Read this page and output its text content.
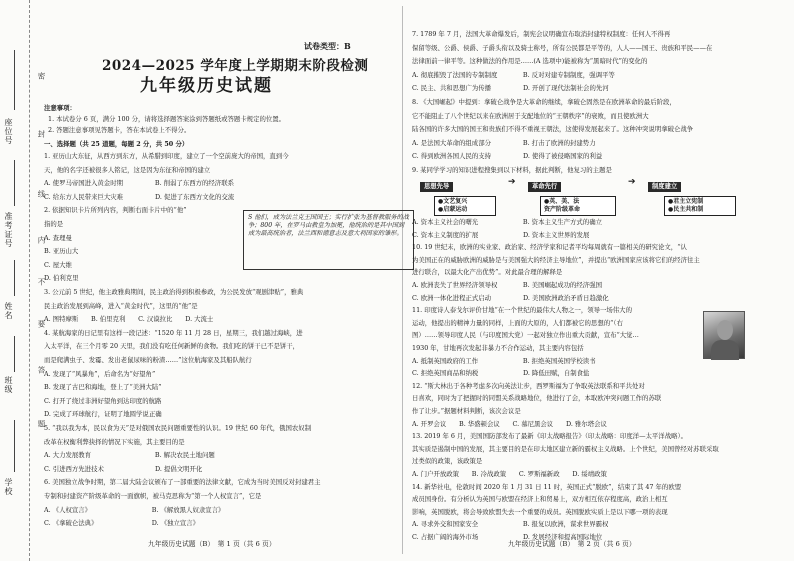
座位号
准考证号
姓名
班级
学校
密
封
线
内
不
要
答
题
试卷类型：B
2024—2025 学年度上学期期末阶段检测
九年级历史试题
注意事项：
1. 本试卷分 6 页，满分 100 分，请将选择题答案涂到答题纸或答题卡规定的位置。
2. 答题注意事项见答题卡，答在本试卷上不得分。
一、选择题（共 25 道题，每题 2 分，共 50 分）
1. 亚历山大东征，从西方到东方，从希腊到印度，建立了一个空前庞大的帝国，直到今
天，他的名字还被很多人铭记，这是因为东征和帝国的建立
A. 使罗马帝国进入黄金时期　　　　　B. 削弱了东西方的经济联系
C. 给东方人民带来巨大灾难　　　　　D. 促进了东西方文化的交流
2. 依据知识卡片所列内容，判断右面卡片中的“他”
指的是
A. 查理曼
B. 亚历山大
C. 屋大维
D. 伯利克里
3. 公元前 5 世纪，他主政雅典期间，民主政治得到积极参政，为公民发放“观剧津贴”，雅典
民主政治发展到高峰，进入“黄金时代”，这里的“他”是
A. 图特摩斯　　B. 伯里克利　　C. 汉谟拉比　　D. 大流士
4. 某航海家的日记里有这样一段记述：“1520 年 11 月 28 日，星期三，我们越过海峡，进
入太平洋，在三个月零 20 天里，我们没有吃任何新鲜的食物。我们吃的饼干已不是饼干，
而是爬满虫子、发霉、发出老鼠尿味的粉渣……”这位航海家及其船队航行
A. 发现了“风暴角”，后命名为“好望角”
B. 发现了古巴和海地，登上了“美洲大陆”
C. 打开了绕过非洲好望角到达印度的航路
D. 完成了环球航行，证明了地圆学说正确
5. “我以我为本，民以食为天”是对俄国农民问题重要性的认识。19 世纪 60 年代，俄国农奴制
改革在权衡利弊抉择的情况下实施，其主要目的是
A. 大力发展教育　　　　　　　　　　B. 解决农民土地问题
C. 引进西方先进技术　　　　　　　　D. 提倡文明开化
6. 美国独立战争时期，第二届大陆会议颁布了一部重要的法律文献，它成为当时美国反对封建君主
专制和封建资产阶级革命的一面旗帜，被马克思称为“第一个人权宣言”，它是
A. 《人权宣言》　　　　　　　　　　B. 《解放黑人奴隶宣言》
C. 《拿破仑法典》　　　　　　　　　D. 《独立宣言》
S 他们，成为法兰克王国国王；实行扩张为基督教服务的战争；800 年，在罗马由教皇为加冕，他统治的是其中国到成为最高统治者，法兰西和德意志及意大利国家的雏形。
九年级历史试题（B）　第 1 页（共 6 页）
7. 1789 年 7 月，法国大革命爆发后，制宪会议明确宣布取消封建特权制度：任何人不得再
保留等级、公爵、侯爵、子爵头衔以及骑士称号，所有公民都是平等的，人人——国王、贵族和平民——在
法律面前一律平等。这种做法的作用是……(A 选项中)能被称为“黑暗时代”的变化的
A. 彻底摧毁了法国的专制制度　　　　B. 反对对建专制制度，强调平等
C. 民主、共和思想广为传播　　　　　D. 开创了现代法制社会的先河
8. 《大国崛起》中提到：拿破仑战争是大革命的继续，拿破仑固然是在欧洲革命的最后阶段，
它不能阻止了八个世纪以来在欧洲居于支配地位的“王朝秩序”的衰败，而且使欧洲大
陆各国的许多大国的国王和贵族们不得不重视王朝法，这使得发展起来了。这种冲突说明拿破仑战争
A. 是法国大革命的组成部分　　　　　B. 打击了欧洲的封建势力
C. 得到欧洲各国人民的支持　　　　　D. 使得了被侵略国家的利益
9. 某同学学习的知识进程搜集到以下材料，据此判断，他复习的主题是
思想先导
●文艺复兴
●启蒙运动
➔	革命先行
●英、美、法
资产阶级革命
➔	制度建立
●君主立宪制
●民主共和制
A. 资本主义社会的曙光　　　　　　　B. 资本主义生产方式的确立
C. 资本主义制度的扩展　　　　　　　D. 资本主义世界的发展
10. 19 世纪末，欧洲的实业家、政治家、经济学家和记者平均每周就有一篇相关的研究论文，“认
为美国正在的威胁欧洲的威胁是与美国强大的经济主导地位”，并提出“欧洲国家应该将它们的经济往主
进行联合，以最大化产出优势”。对此最合理的解释是
A. 欧洲丧失了世界经济领导权　　　　B. 美国崛起成功的经济强国
C. 欧洲一体化进程正式启动　　　　　D. 美国欧洲政治矛盾日趋激化
11. 印度诗人泰戈尔评价甘地“在一个世纪的最伟大人物之一，领导一场伟大的
运动，他提出的精神力量的同样，上面的大原的，人们都被它的思想的“（右
图）……领导印度人民（与印度国大党）一起对独立作出重大贡献，宣布“大觉…
1930 年，甘地再次发起非暴力不合作运动，其主要内容包括
A. 抵制英国政府的工作　　　　　　　B. 拒绝英国英国学校读书
C. 拒绝英国商品和纳税　　　　　　　D. 降低田赋，自制食盐
12. “斯大林出于各种考虑多次向英法让步，西罗斯福为了争取英法联系和平共处对
日喜欢，同时为了把握时的同盟关系战略地位，他进行了会，本取欧冲突问题工作的苏联
作了让步。”据题材料判断，该次会议是
A. 开罗会议　　B. 华盛顿会议　　C. 慕尼黑会议　　D. 雅尔塔会议
13. 2019 年 6 月，美国国防部发布了最新《印太战略报告》（印太战略：印度洋—太平洋战略）。
其实质是遏制中国的发展，其主要目的是在印太地区建立新的霸权主义战略。上个世纪，美国曾经对苏联采取
过类似的政策，该政策是
A. 门户开放政策　　B. 冷战政策　　C. 罗斯福新政　　D. 绥靖政策
14. 新华社电，伦敦时间 2020 年 1 月 31 日 11 时，英国正式“脱欧”，结束了其 47 年的欧盟
成员国身份。有分析认为英国与欧盟在经济上和贸易上，双方相互依存程度高，政治上相互
影响，英国脱欧，将会导致欧盟失去一个重要的成员。英国脱欧实质上是以下哪一项的表现
A. 寻求外交和国家安全　　　　　　　B. 报复以欧洲，谋求世界霸权
C. 占据广阔的海外市场　　　　　　　D. 发展经济和提高国际地位
九年级历史试题（B）　第 2 页（共 6 页）
